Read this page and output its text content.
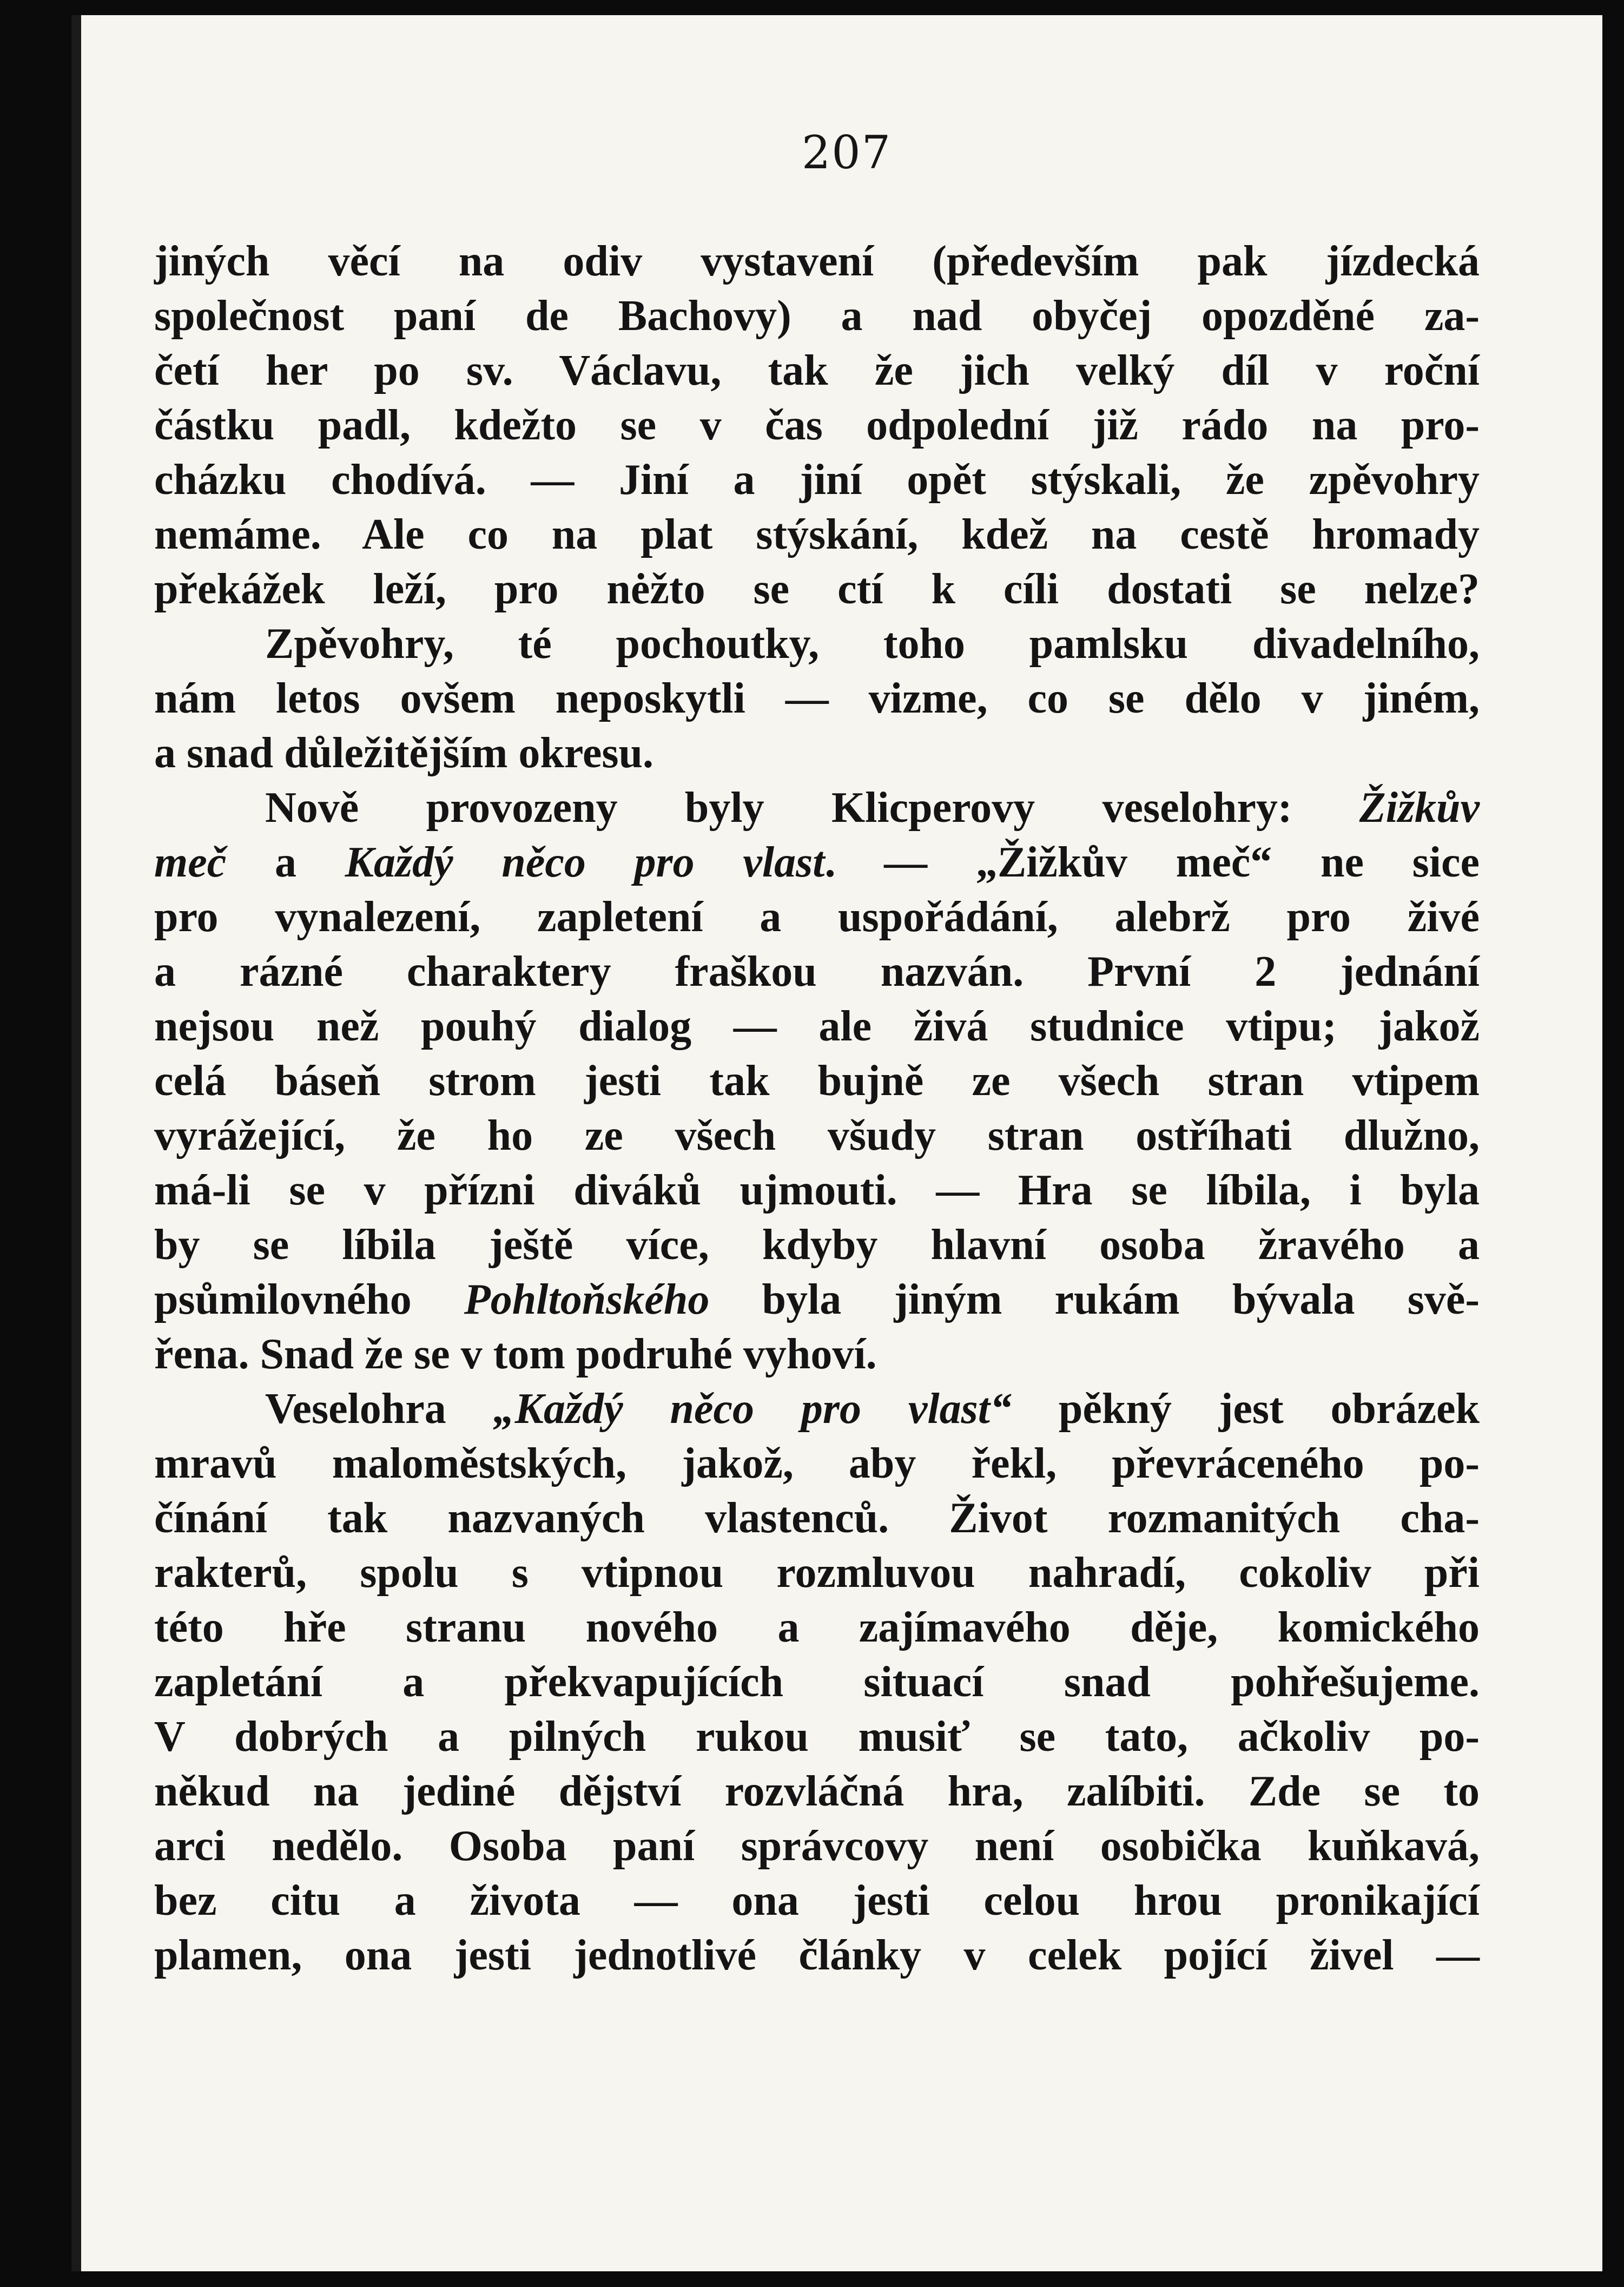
207
jiných věcí na odiv vystavení (především pak jízdecká
společnost paní de Bachovy) a nad obyčej opozděné za-
četí her po sv. Václavu, tak že jich velký díl v roční
částku padl, kdežto se v čas odpolední již rádo na pro-
cházku chodívá. — Jiní a jiní opět stýskali, že zpěvohry
nemáme. Ale co na plat stýskání, kdež na cestě hromady
překážek leží, pro nėžto se ctí k cíli dostati se nelze?
Zpěvohry, té pochoutky, toho pamlsku divadelního,
nám letos ovšem neposkytli — vizme, co se dělo v jiném,
a snad důležitějším okresu.
Nově provozeny byly Klicperovy veselohry: Žižkův
meč a Každý něco pro vlast. — „Žižkův meč“ ne sice
pro vynalezení, zapletení a uspořádání, alebrž pro živé
a rázné charaktery fraškou nazván. První 2 jednání
nejsou než pouhý dialog — ale živá studnice vtipu; jakož
celá báseň strom jesti tak bujně ze všech stran vtipem
vyrážející, že ho ze všech všudy stran ostříhati dlužno,
má-li se v přízni diváků ujmouti. — Hra se líbila, i byla
by se líbila ještě více, kdyby hlavní osoba žravého a
psůmilovného Pohltoňského byla jiným rukám bývala svě-
řena. Snad že se v tom podruhé vyhoví.
Veselohra „Každý něco pro vlast“ pěkný jest obrázek
mravů maloměstských, jakož, aby řekl, převráceného po-
čínání tak nazvaných vlastenců. Život rozmanitých cha-
rakterů, spolu s vtipnou rozmluvou nahradí, cokoliv při
této hře stranu nového a zajímavého děje, komického
zapletání a překvapujících situací snad pohřešujeme.
V dobrých a pilných rukou musiť se tato, ačkoliv po-
někud na jediné dějství rozvláčná hra, zalíbiti. Zde se to
arci nedělo. Osoba paní správcovy není osobička kuňkavá,
bez citu a života — ona jesti celou hrou pronikající
plamen, ona jesti jednotlivé články v celek pojící živel —
